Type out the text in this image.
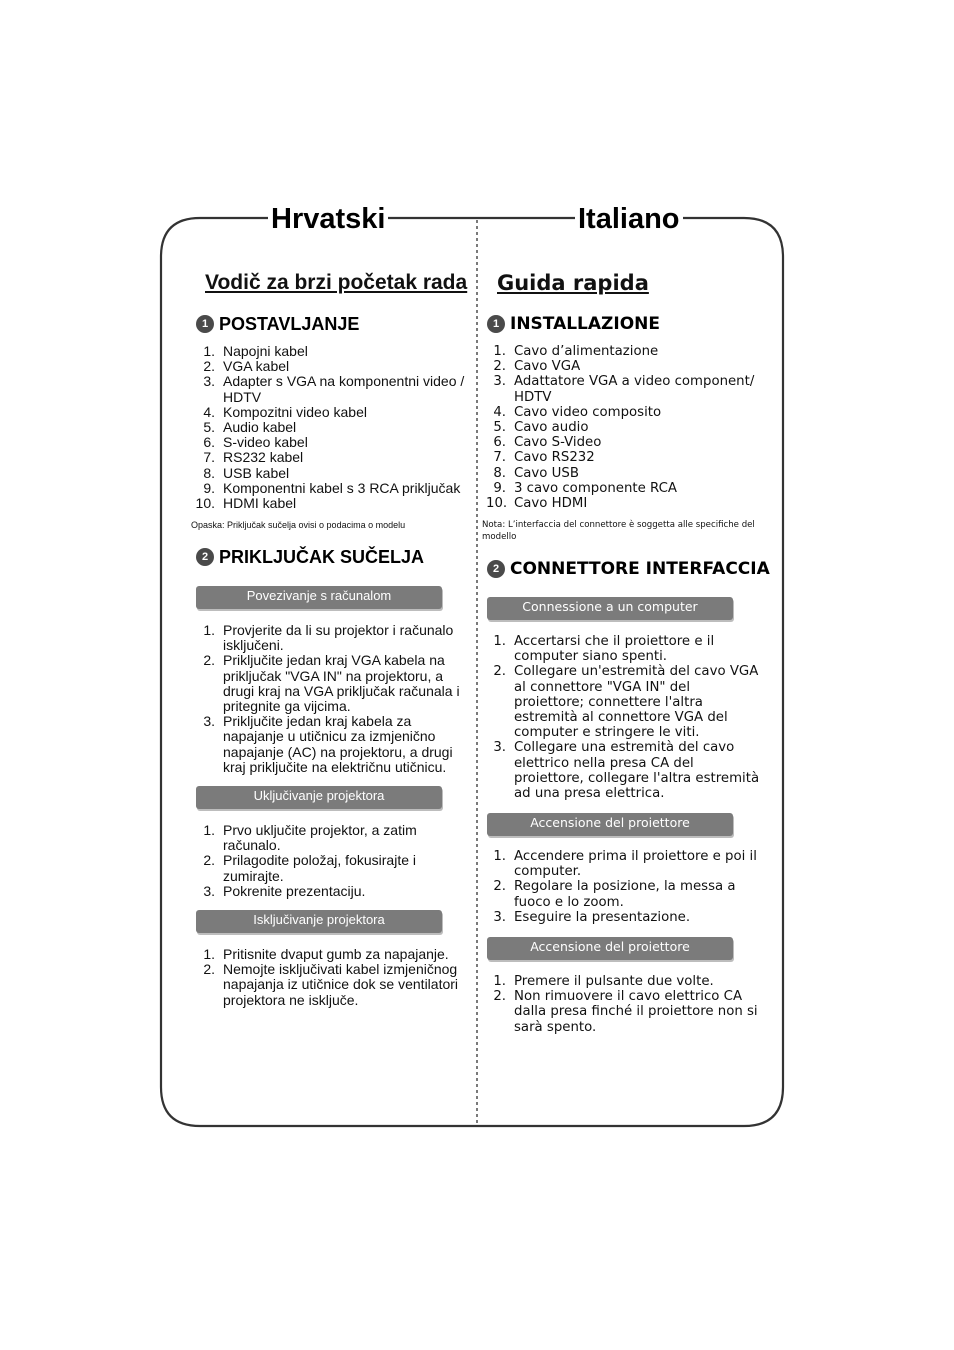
Hrvatski	Italiano
Vodič za brzi početak rada
1 POSTAVLJANJE
1. Napojni kabel
2. VGA kabel
3. Adapter s VGA na komponentni video / HDTV
4. Kompozitni video kabel
5. Audio kabel
6. S-video kabel
7. RS232 kabel
8. USB kabel
9. Komponentni kabel s 3 RCA priključak
10. HDMI kabel
Opaska: Priključak sučelja ovisi o podacima o modelu
2 PRIKLJUČAK SUČELJA
Povezivanje s računalom
1. Provjerite da li su projektor i računalo isključeni.
2. Priključite jedan kraj VGA kabela na priključak "VGA IN" na projektoru, a drugi kraj na VGA priključak računala i pritegnite ga vijcima.
3. Priključite jedan kraj kabela za napajanje u utičnicu za izmjenično napajanje (AC) na projektoru, a drugi kraj priključite na električnu utičnicu.
Uključivanje projektora
1. Prvo uključite projektor, a zatim računalo.
2. Prilagodite položaj, fokusirajte i zumirajte.
3. Pokrenite prezentaciju.
Isključivanje projektora
1. Pritisnite dvaput gumb za napajanje.
2. Nemojte isključivati kabel izmjeničnog napajanja iz utičnice dok se ventilatori projektora ne isključe.
Guida rapida
1 INSTALLAZIONE
1. Cavo d’alimentazione
2. Cavo VGA
3. Adattatore VGA a video component/ HDTV
4. Cavo video composito
5. Cavo audio
6. Cavo S-Video
7. Cavo RS232
8. Cavo USB
9. 3 cavo componente RCA
10. Cavo HDMI
Nota: L’interfaccia del connettore è soggetta alle specifiche del modello
2 CONNETTORE INTERFACCIA
Connessione a un computer
1. Accertarsi che il proiettore e il computer siano spenti.
2. Collegare un'estremità del cavo VGA al connettore "VGA IN" del proiettore; connettere l'altra estremità al connettore VGA del computer e stringere le viti.
3. Collegare una estremità del cavo elettrico nella presa CA del proiettore, collegare l'altra estremità ad una presa elettrica.
Accensione del proiettore
1. Accendere prima il proiettore e poi il computer.
2. Regolare la posizione, la messa a fuoco e lo zoom.
3. Eseguire la presentazione.
Accensione del proiettore
1. Premere il pulsante due volte.
2. Non rimuovere il cavo elettrico CA dalla presa finché il proiettore non si sarà spento.
